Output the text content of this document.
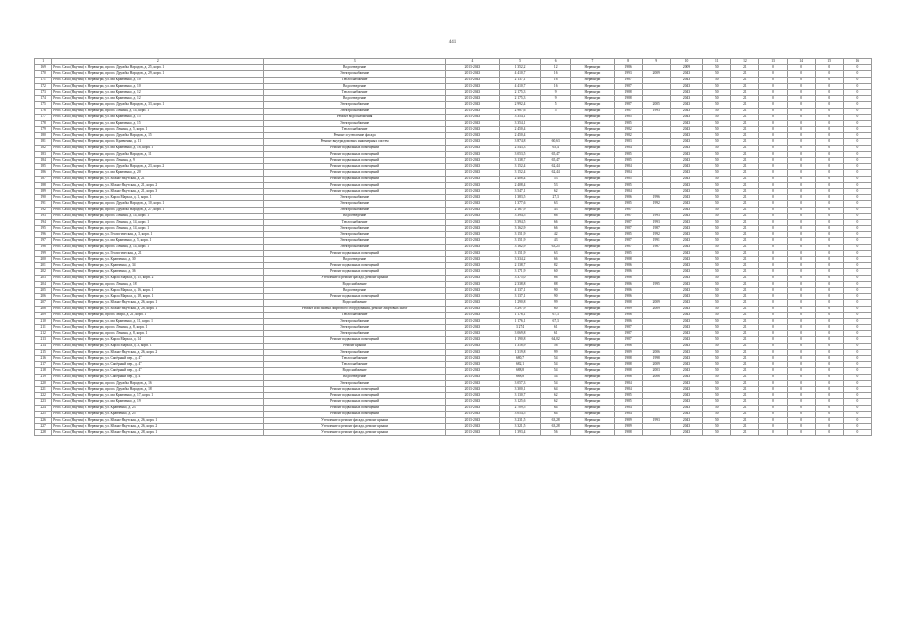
441
1	2	3	4	5	6	7	8	9	10	11	12	13	14	15	16
169	Респ. Саха (Якутия) г. Нерюнгри, просп. Дружбы Народов, д. 25, корп. 1	Водоотведение	2013-2043	1 352,2	12	Нерюнгри	1986		2009	50	21	0	0	0	0
170	Респ. Саха (Якутия) г. Нерюнгри, просп. Дружбы Народов, д. 29, корп. 1	Электроснабжение	2013-2043	4 410,7	16	Нерюнгри	1993	2009	2043	50	21	0	0	0	0
171	Респ. Саха (Якутия) г. Нерюнгри, ул. им Кравченко, д. 10	Теплоснабжение	2013-2043	2 137,1	16	Нерюнгри	1987		2043	50	21	0	0	0	0
172	Респ. Саха (Якутия) г. Нерюнгри, ул. им Кравченко, д. 10	Водоотведение	2013-2043	4 410,7	16	Нерюнгри	1987		2043	50	21	0	0	0	0
173	Респ. Саха (Якутия) г. Нерюнгри, ул. им Кравченко, д. 12	Теплоснабжение	2013-2043	2 175,3	9	Нерюнгри	1988		2043	50	21	0	0	0	0
174	Респ. Саха (Якутия) г. Нерюнгри, ул. им Кравченко, д. 12	Водоотведение	2013-2043	2 175,3	9	Нерюнгри	1988		2043	50	21	0	0	0	0
175	Респ. Саха (Якутия) г. Нерюнгри, просп. Дружбы Народов, д. 33, корп. 1	Электроснабжение	2013-2043	2 992,4	5	Нерюнгри	1987	2005	2043	50	21	0	0	0	0
176	Респ. Саха (Якутия) г. Нерюнгри, просп. Ленина, д. 14, корп. 1	Электроснабжение	2013-2043	2 987,6	5	Нерюнгри	1987	1993	2043	50	21	0	0	0	0
177	Респ. Саха (Якутия) г. Нерюнгри, ул. им Кравченко, д. 15	Ремонт водоснабжения	2013-2043	3 354,1		Нерюнгри	1985		2043	50	21	0	0	0	0
178	Респ. Саха (Якутия) г. Нерюнгри, ул. им Кравченко, д. 15	Электроснабжение	2013-2043	3 354,1		Нерюнгри	1985		2043	50	21	0	0	0	0
179	Респ. Саха (Якутия) г. Нерюнгри, просп. Ленина, д. 5, корп. 1	Теплоснабжение	2013-2043	2 450,4		Нерюнгри	1982		2043	50	21	0	0	0	0
180	Респ. Саха (Якутия) г. Нерюнгри, просп. Дружбы Народов, д. 15	Ремонт и утепление фасада	2013-2043	2 450,4		Нерюнгри	1982		2043	50	21	0	0	0	0
181	Респ. Саха (Якутия) г. Нерюнгри, просп. Кравченко, д. 11	Ремонт внутридомовых инженерных систем	2013-2043	3 874,8	60,63	Нерюнгри	1983		2043	50	21	0	0	0	0
182	Респ. Саха (Якутия) г. Нерюнгри, ул. им Кравченко, д. 18, корп. 1	Ремонт подвальных помещений	2013-2043	2 543,3	65,4	Нерюнгри	1984		2043	50	21	0	0	0	0
183	Респ. Саха (Якутия) г. Нерюнгри, просп. Дружбы Народов, д. 11	Ремонт подвальных помещений	2013-2043	3 053,5	65,47	Нерюнгри	1985		2043	50	21	0	0	0	0
184	Респ. Саха (Якутия) г. Нерюнгри, просп. Ленина, д. 9	Ремонт подвальных помещений	2013-2043	3 138,7	65,47	Нерюнгри	1985		2043	50	21	0	0	0	0
185	Респ. Саха (Якутия) г. Нерюнгри, просп. Дружбы Народов, д. 23, корп. 2	Ремонт подвальных помещений	2013-2043	3 152,4	62,44	Нерюнгри	1984		2043	50	21	0	0	0	0
186	Респ. Саха (Якутия) г. Нерюнгри, ул. им Кравченко, д. 20	Ремонт подвальных помещений	2013-2043	3 152,4	62,44	Нерюнгри	1984		2043	50	21	0	0	0	0
187	Респ. Саха (Якутия) г. Нерюнгри, ул. Южно-Якутская, д. 21	Ремонт подвальных помещений	2013-2043	2 408,4	53	Нерюнгри	1985		2043	50	21	0	0	0	0
188	Респ. Саха (Якутия) г. Нерюнгри, ул. Южно-Якутская, д. 21, корп. 2	Ремонт подвальных помещений	2013-2043	2 408,4	53	Нерюнгри	1985		2043	50	21	0	0	0	0
189	Респ. Саха (Якутия) г. Нерюнгри, ул. Южно-Якутская, д. 21, корп. 3	Ремонт подвальных помещений	2013-2043	3 547,1	62	Нерюнгри	1984		2043	50	21	0	0	0	0
190	Респ. Саха (Якутия) г. Нерюнгри, ул. Карла Маркса, д. 1, корп. 1	Электроснабжение	2013-2043	1 383,5	27,3	Нерюнгри	1986	1996	2043	50	21	0	0	0	0
191	Респ. Саха (Якутия) г. Нерюнгри, просп. Дружбы Народов, д. 10, корп. 1	Электроснабжение	2013-2043	1 377,6	63	Нерюнгри	1985	1992	2043	50	21	0	0	0	0
192	Респ. Саха (Якутия) г. Нерюнгри, просп. Дружбы Народов, д. 27, корп. 1	Электроснабжение	2013-2043	2 167,9	43	Нерюнгри	1987		2043	50	21	0	0	0	0
193	Респ. Саха (Якутия) г. Нерюнгри, просп. Ленина, д. 14, корп. 1	Водоотведение	2013-2043	3 394,5	66	Нерюнгри	1987	1993	2043	50	21	0	0	0	0
194	Респ. Саха (Якутия) г. Нерюнгри, просп. Ленина, д. 14, корп. 1	Теплоснабжение	2013-2043	3 394,5	66	Нерюнгри	1987	1993	2043	50	21	0	0	0	0
195	Респ. Саха (Якутия) г. Нерюнгри, просп. Ленина, д. 14, корп. 1	Электроснабжение	2013-2043	3 162,9	66	Нерюнгри	1987	1987	2043	50	21	0	0	0	0
196	Респ. Саха (Якутия) г. Нерюнгри, ул. Геологическая, д. 3, корп. 1	Электроснабжение	2013-2043	3 151,9	42	Нерюнгри	1985	1992	2043	50	21	0	0	0	0
197	Респ. Саха (Якутия) г. Нерюнгри, ул. им Кравченко, д. 5, корп. 1	Электроснабжение	2013-2043	3 151,9	43	Нерюнгри	1987	1991	2043	50	21	0	0	0	0
198	Респ. Саха (Якутия) г. Нерюнгри, просп. Ленина, д. 14, корп. 1	Электроснабжение	2013-2043	3 162,9	63,25	Нерюнгри	1987	1987	2043	50	21	0	0	0	0
199	Респ. Саха (Якутия) г. Нерюнгри, ул. Геологическая, д. 21	Ремонт подвальных помещений	2013-2043	3 151,9	63	Нерюнгри	1985		2043	50	21	0	0	0	0
200	Респ. Саха (Якутия) г. Нерюнгри, ул. Кравченко, д. 30	Водоотведение	2013-2043	3 334,2	66	Нерюнгри	1988		2043	50	21	0	0	0	0
201	Респ. Саха (Якутия) г. Нерюнгри, ул. Кравченко, д. 34	Ремонт подвальных помещений	2013-2043	2 138,7	82	Нерюнгри	1986		2043	50	21	0	0	0	0
202	Респ. Саха (Якутия) г. Нерюнгри, ул. Кравченко, д. 36	Ремонт подвальных помещений	2013-2043	3 171,9	60	Нерюнгри	1986		2043	50	21	0	0	0	0
203	Респ. Саха (Якутия) г. Нерюнгри, ул. Карла Маркса, д. 15, корп. 2	Утепление и ремонт фасада, ремонт крыши	2013-2043	3 375,0	86	Нерюнгри	1988		2043	50	21	0	0	0	0
204	Респ. Саха (Якутия) г. Нерюнгри, просп. Ленина, д. 18	Водоснабжение	2013-2043	2 338,8	88	Нерюнгри	1986	1995	2043	50	21	0	0	0	0
205	Респ. Саха (Якутия) г. Нерюнгри, ул. Карла Маркса, д. 16, корп. 1	Водоотведение	2013-2043	4 137,1	90	Нерюнгри	1986		2043	50	21	0	0	0	0
206	Респ. Саха (Якутия) г. Нерюнгри, ул. Карла Маркса, д. 18, корп. 1	Ремонт подвальных помещений	2013-2043	3 137,1	90	Нерюнгри	1986		2043	50	21	0	0	0	0
207	Респ. Саха (Якутия) г. Нерюнгри, ул. Южно-Якутская, д. 26, корп. 1	Водоснабжение	2013-2043	1 290,8	99	Нерюнгри	1988	2009	2043	50	21	0	0	0	0
208	Респ. Саха (Якутия) г. Нерюнгри, ул. Южно-Якутская, д. 28, корп. 1	Ремонт или замена лифтового оборудования, ремонт лифтовых шахт	2013-2043	3 297,9	60	Нерюнгри	1989	2009	2043	50	21	0	0	0	0
209	Респ. Саха (Якутия) г. Нерюнгри, просп. Мира, д. 21, корп. 1	Теплоснабжение	2013-2043	1 176,1	67,3	Нерюнгри	1986		2043	50	21	0	0	0	0
210	Респ. Саха (Якутия) г. Нерюнгри, ул. им Кравченко, д. 11, корп. 1	Электроснабжение	2013-2043	1 176,1	67,3	Нерюнгри	1986		2043	50	21	0	0	0	0
211	Респ. Саха (Якутия) г. Нерюнгри, просп. Ленина, д. 8, корп. 1	Электроснабжение	2013-2043	3 274	61	Нерюнгри	1987		2043	50	21	0	0	0	0
212	Респ. Саха (Якутия) г. Нерюнгри, просп. Ленина, д. 8, корп. 1	Электроснабжение	2013-2043	3 069,8	61	Нерюнгри	1987		2043	50	21	0	0	0	0
213	Респ. Саха (Якутия) г. Нерюнгри, ул. Карла Маркса, д. 14	Ремонт подвальных помещений	2013-2043	1 190,8	64,02	Нерюнгри	1987		2043	50	21	0	0	0	0
214	Респ. Саха (Якутия) г. Нерюнгри, ул. Карла Маркса, д. 3, корп. 1	Ремонт крыши	2013-2043	1 318,9	56	Нерюнгри	1986		2043	50	21	0	0	0	0
215	Респ. Саха (Якутия) г. Нерюнгри, ул. Южно-Якутская, д. 26, корп. 2	Электроснабжение	2013-2043	1 319,8	99	Нерюнгри	1989	2006	2043	50	21	0	0	0	0
216	Респ. Саха (Якутия) г. Нерюнгри, ул. Сапёрный пер., д. 4"	Теплоснабжение	2013-2043	680,7	54	Нерюнгри	1988	1998	2043	50	21	0	0	0	0
217	Респ. Саха (Якутия) г. Нерюнгри, ул. Сапёрный пер., д. 4"	Теплоснабжение	2013-2043	682,1	54	Нерюнгри	1988	2009	2043	50	21	0	0	0	0
218	Респ. Саха (Якутия) г. Нерюнгри, ул. Сапёрный пер., д. 4"	Водоснабжение	2013-2043	688,8	54	Нерюнгри	1988	2003	2043	50	21	0	0	0	0
219	Респ. Саха (Якутия) г. Нерюнгри, ул. Сапёрный пер., д. 4"	Водоотведение	2013-2043	688,8	54	Нерюнгри	1988	2006	2043	50	21	0	0	0	0
220	Респ. Саха (Якутия) г. Нерюнгри, просп. Дружбы Народов, д. 16	Электроснабжение	2013-2043	3 057,3	54	Нерюнгри	1984		2043	50	21	0	0	0	0
221	Респ. Саха (Якутия) г. Нерюнгри, просп. Дружбы Народов, д. 18	Ремонт подвальных помещений	2013-2043	3 300,1	64	Нерюнгри	1984		2043	50	21	0	0	0	0
222	Респ. Саха (Якутия) г. Нерюнгри, ул. им Кравченко, д. 17, корп. 1	Ремонт подвальных помещений	2013-2043	3 130,7	62	Нерюнгри	1985		2043	50	21	0	0	0	0
223	Респ. Саха (Якутия) г. Нерюнгри, ул. им Кравченко, д. 19	Ремонт подвальных помещений	2013-2043	3 125,6	62	Нерюнгри	1985		2043	50	21	0	0	0	0
224	Респ. Саха (Якутия) г. Нерюнгри, ул. Кравченко, д. 23	Ремонт подвальных помещений	2013-2043	2 709,5	64	Нерюнгри	1984		2043	50	21	0	0	0	0
225	Респ. Саха (Якутия) г. Нерюнгри, ул. Кравченко, д. 25	Ремонт подвальных помещений	2013-2043	3 054,5	64	Нерюнгри	1984		2043	50	21	0	0	0	0
226	Респ. Саха (Якутия) г. Нерюнгри, ул. Южно-Якутская, д. 26, корп. 1	Утепление и ремонт фасада, ремонт крыши	2013-2043	3 231,5	63,28	Нерюнгри	1989	1993	2043	50	21	0	0	0	0
227	Респ. Саха (Якутия) г. Нерюнгри, ул. Южно-Якутская, д. 26, корп. 2	Утепление и ремонт фасада, ремонт крыши	2013-2043	3 321,5	63,28	Нерюнгри	1989		2043	50	21	0	0	0	0
228	Респ. Саха (Якутия) г. Нерюнгри, ул. Южно-Якутская, д. 28, корп. 1	Утепление и ремонт фасада, ремонт крыши	2013-2043	1 393,4	56	Нерюнгри	1988		2043	50	21	0	0	0	0
